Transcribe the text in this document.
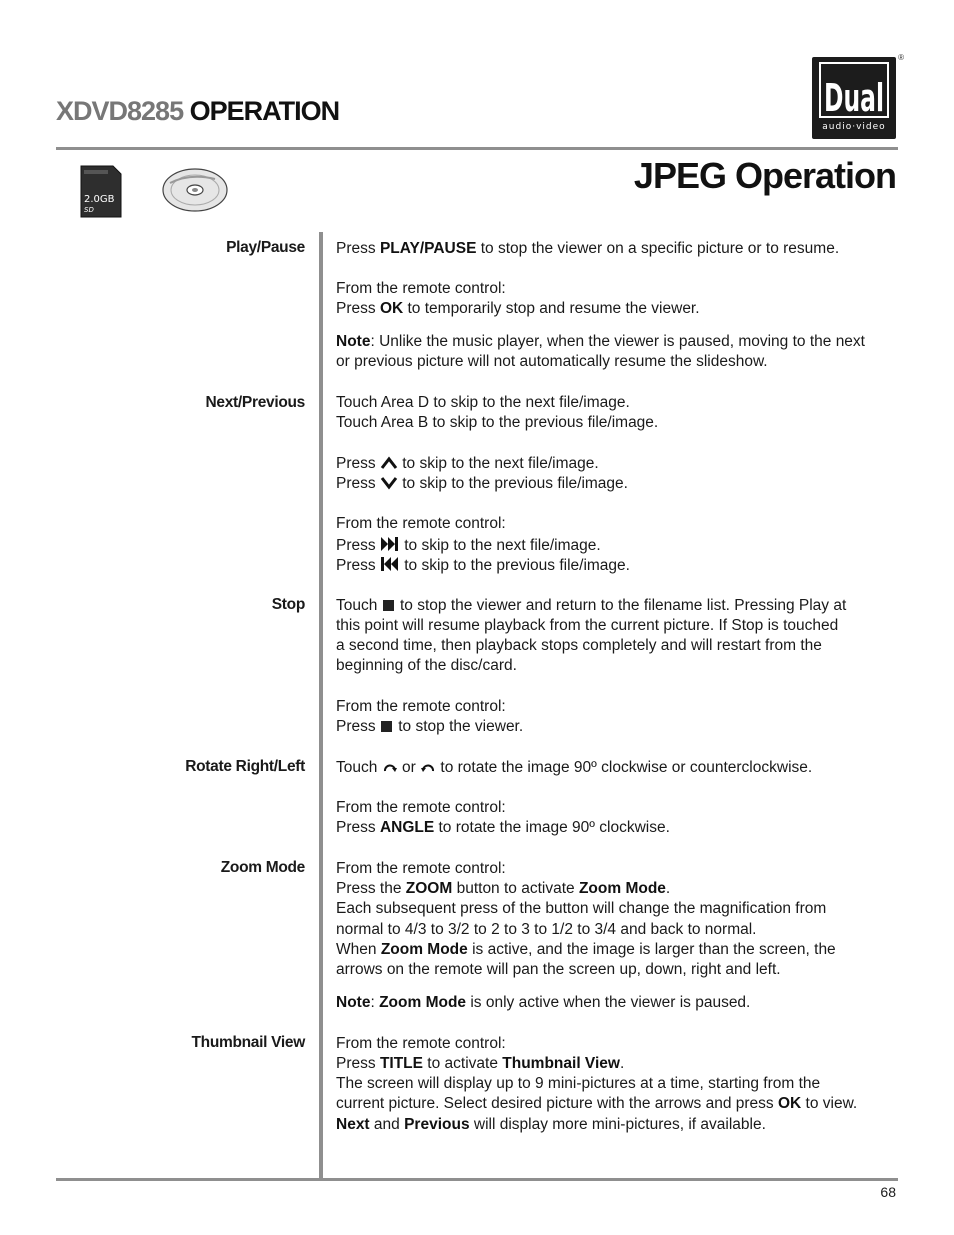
XDVD8285 OPERATION	Dual
audio·video
®
2.0GB
SD
JPEG Operation
Play/Pause
Next/Previous
Stop
Rotate Right/Left
Zoom Mode
Thumbnail View
Press PLAY/PAUSE to stop the viewer on a specific picture or to resume.
From the remote control:
Press OK to temporarily stop and resume the viewer.
Note: Unlike the music player, when the viewer is paused, moving to the next
or previous picture will not automatically resume the slideshow.
Touch Area D to skip to the next file/image.
Touch Area B to skip to the previous file/image.
Press  to skip to the next file/image.
Press  to skip to the previous file/image.
From the remote control:
Press  to skip to the next file/image.
Press  to skip to the previous file/image.
Touch  to stop the viewer and return to the filename list. Pressing Play at
this point will resume playback from the current picture. If Stop is touched
a second time, then playback stops completely and will restart from the
beginning of the disc/card.
From the remote control:
Press  to stop the viewer.
Touch  or  to rotate the image 90º clockwise or counterclockwise.
From the remote control:
Press ANGLE to rotate the image 90º clockwise.
From the remote control:
Press the ZOOM button to activate Zoom Mode.
Each subsequent press of the button will change the magnification from
normal to 4/3 to 3/2 to 2 to 3 to 1/2 to 3/4 and back to normal.
When Zoom Mode is active, and the image is larger than the screen, the
arrows on the remote will pan the screen up, down, right and left.
Note: Zoom Mode is only active when the viewer is paused.
From the remote control:
Press TITLE to activate Thumbnail View.
The screen will display up to 9 mini-pictures at a time, starting from the
current picture. Select desired picture with the arrows and press OK to view.
Next and Previous will display more mini-pictures, if available.
68
